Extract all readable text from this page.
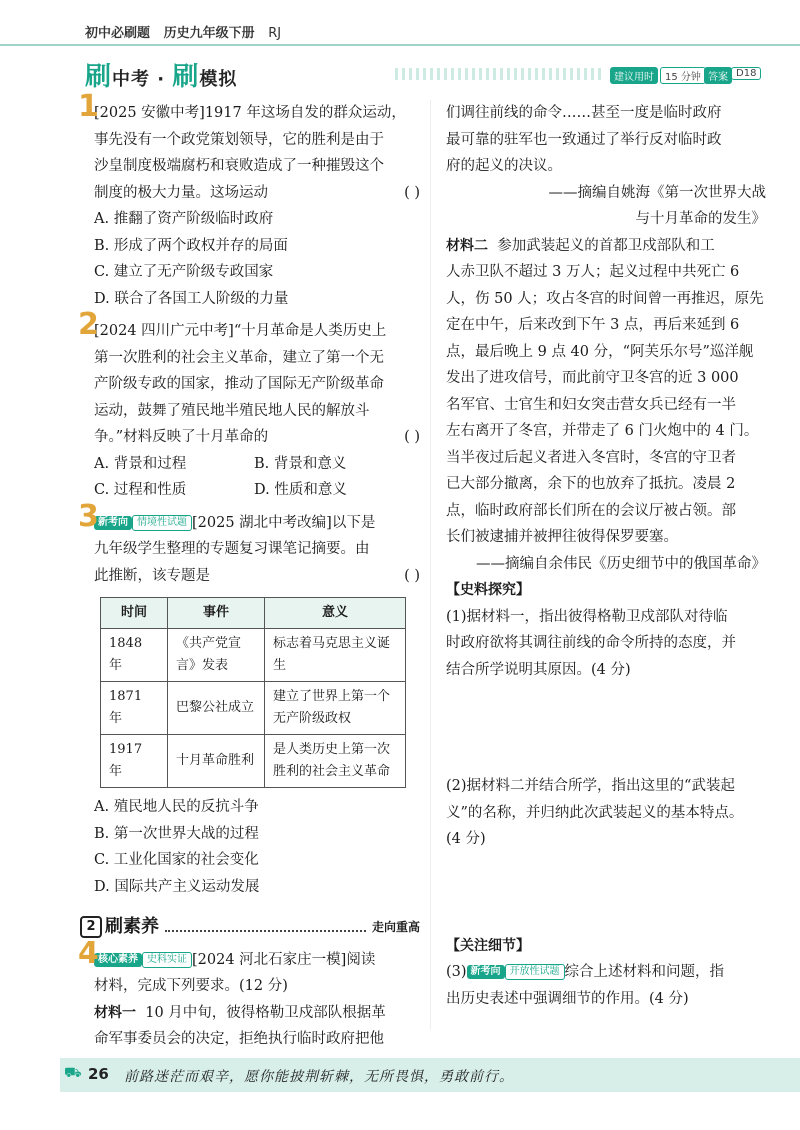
初中必刷题 历史九年级下册 RJ
刷中考 · 刷模拟	建议用时	15 分钟 答案 D18
1
[2025 安徽中考]1917 年这场自发的群众运动，
事先没有一个政党策划领导，它的胜利是由于
沙皇制度极端腐朽和衰败造成了一种摧毁这个
制度的极大力量。这场运动	( )
A. 推翻了资产阶级临时政府
B. 形成了两个政权并存的局面
C. 建立了无产阶级专政国家
D. 联合了各国工人阶级的力量
2
[2024 四川广元中考]“十月革命是人类历史上
第一次胜利的社会主义革命，建立了第一个无
产阶级专政的国家，推动了国际无产阶级革命
运动，鼓舞了殖民地半殖民地人民的解放斗
争。”材料反映了十月革命的	( )
A. 背景和过程	B. 背景和意义
C. 过程和性质	D. 性质和意义
3 新考向 情境性试题 [2025 湖北中考改编]以下是
九年级学生整理的专题复习课笔记摘要。由
此推断，该专题是	( )
时间	事件	意义
1848 年	《共产党宣言》发表	标志着马克思主义诞生
1871 年	巴黎公社成立	建立了世界上第一个无产阶级政权
1917 年	十月革命胜利	是人类历史上第一次胜利的社会主义革命
A. 殖民地人民的反抗斗争
B. 第一次世界大战的过程
C. 工业化国家的社会变化
D. 国际共产主义运动发展
2 刷素养	走向重高
4 核心素养 史料实证 [2024 河北石家庄一模]阅读
材料，完成下列要求。(12 分)
材料一 10 月中旬，彼得格勒卫戍部队根据革
命军事委员会的决定，拒绝执行临时政府把他
们调往前线的命令……甚至一度是临时政府
最可靠的驻军也一致通过了举行反对临时政
府的起义的决议。
——摘编自姚海《第一次世界大战
与十月革命的发生》
材料二 参加武装起义的首都卫戍部队和工
人赤卫队不超过 3 万人；起义过程中共死亡 6
人，伤 50 人；攻占冬宫的时间曾一再推迟，原先
定在中午，后来改到下午 3 点，再后来延到 6
点，最后晚上 9 点 40 分，“阿芙乐尔号”巡洋舰
发出了进攻信号，而此前守卫冬宫的近 3 000
名军官、士官生和妇女突击营女兵已经有一半
左右离开了冬宫，并带走了 6 门火炮中的 4 门。
当半夜过后起义者进入冬宫时，冬宫的守卫者
已大部分撤离，余下的也放弃了抵抗。凌晨 2
点，临时政府部长们所在的会议厅被占领。部
长们被逮捕并被押往彼得保罗要塞。
——摘编自余伟民《历史细节中的俄国革命》
【史料探究】
(1)据材料一，指出彼得格勒卫戍部队对待临
时政府欲将其调往前线的命令所持的态度，并
结合所学说明其原因。(4 分)
(2)据材料二并结合所学，指出这里的“武装起
义”的名称，并归纳此次武装起义的基本特点。
(4 分)
【关注细节】
(3) 新考向 开放性试题 综合上述材料和问题，指
出历史表述中强调细节的作用。(4 分)
⛟ 26 前路迷茫而艰辛，愿你能披荆斩棘，无所畏惧，勇敢前行。
